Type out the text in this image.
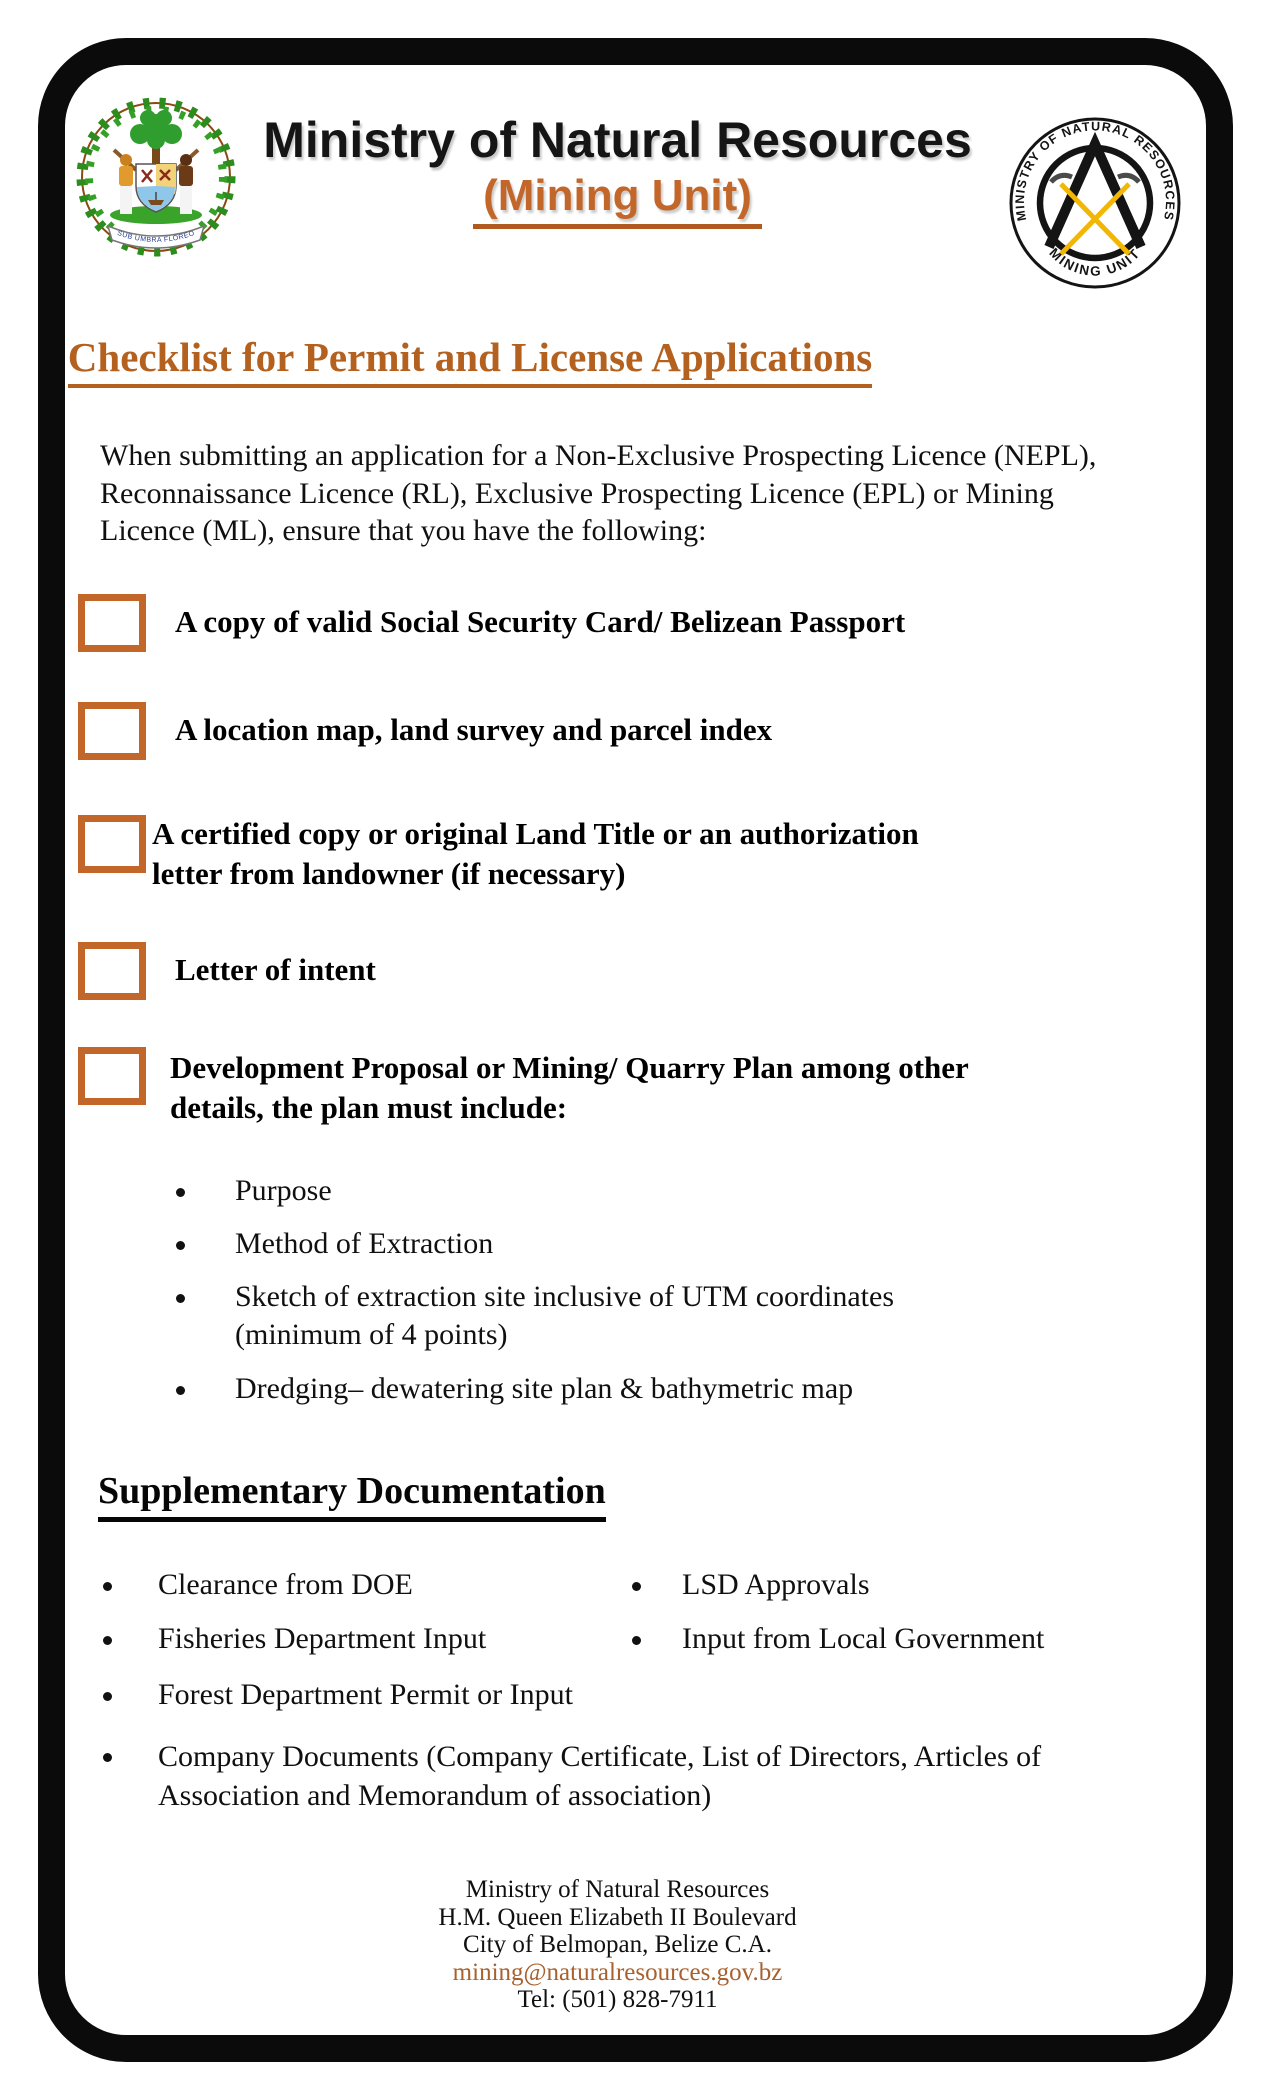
SUB UMBRA FLOREO
MINISTRY OF NATURAL RESOURCES
MINING UNIT
Ministry of Natural Resources
(Mining Unit)
Checklist for Permit and License Applications
When submitting an application for a Non-Exclusive Prospecting Licence (NEPL),
Reconnaissance Licence (RL), Exclusive Prospecting Licence (EPL) or Mining
Licence (ML), ensure that you have the following:
A copy of valid Social Security Card/ Belizean Passport
A location map, land survey and parcel index
A certified copy or original Land Title or an authorization
letter from landowner (if necessary)
Letter of intent
Development Proposal or Mining/ Quarry Plan among other
details, the plan must include:
Purpose
Method of Extraction
Sketch of extraction site inclusive of UTM coordinates
(minimum of 4 points)
Dredging– dewatering site plan & bathymetric map
Supplementary Documentation
Clearance from DOE	LSD Approvals
Fisheries Department Input	Input from Local Government
Forest Department Permit or Input
Company Documents (Company Certificate, List of Directors, Articles of
Association and Memorandum of association)
Ministry of Natural Resources
H.M. Queen Elizabeth II Boulevard
City of Belmopan, Belize C.A.
mining@naturalresources.gov.bz
Tel: (501) 828-7911
